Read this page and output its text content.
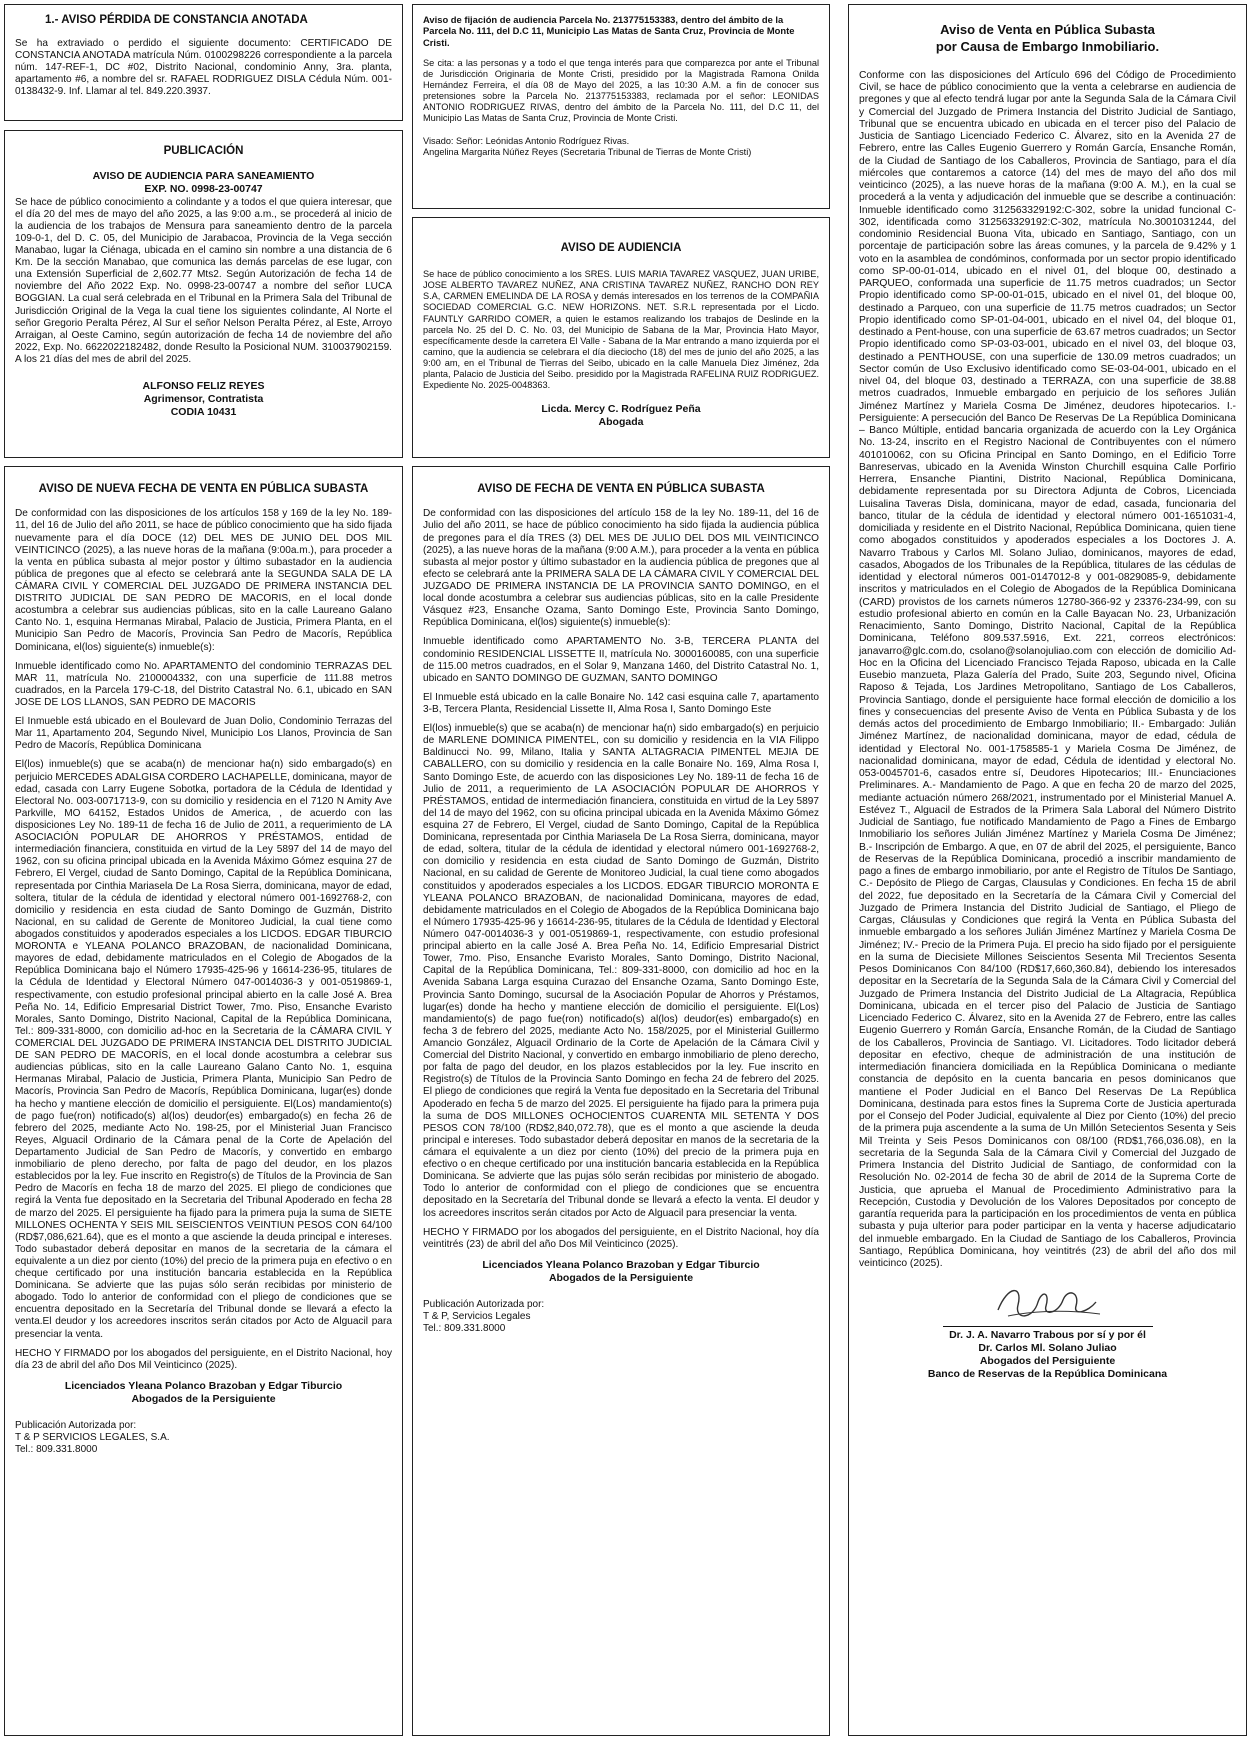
1.- AVISO PÉRDIDA DE CONSTANCIA ANOTADA
Se ha extraviado o perdido el siguiente documento: CERTIFICADO DE CONSTANCIA ANOTADA matrícula Núm. 0100298226 correspondiente a la parcela núm. 147-REF-1, DC #02, Distrito Nacional, condominio Anny, 3ra. planta, apartamento #6, a nombre del sr. RAFAEL RODRIGUEZ DISLA Cédula Núm. 001-0138432-9. Inf. Llamar al tel. 849.220.3937.
PUBLICACIÓN
AVISO DE AUDIENCIA PARA SANEAMIENTO
EXP. NO. 0998-23-00747
Se hace de público conocimiento a colindante y a todos el que quiera interesar, que el día 20 del mes de mayo del año 2025, a las 9:00 a.m., se procederá al inicio de la audiencia de los trabajos de Mensura para saneamiento dentro de la parcela 109-0-1, del D. C. 05, del Municipio de Jarabacoa, Provincia de la Vega sección Manabao, lugar la Ciénaga, ubicada en el camino sin nombre a una distancia de 6 Km. De la sección Manabao, que comunica las demás parcelas de ese lugar, con una Extensión Superficial de 2,602.77 Mts2. Según Autorización de fecha 14 de noviembre del Año 2022 Exp. No. 0998-23-00747 a nombre del señor LUCA BOGGIAN. La cual será celebrada en el Tribunal en la Primera Sala del Tribunal de Jurisdicción Original de la Vega la cual tiene los siguientes colindante, Al Norte el señor Gregorio Peralta Pérez, Al Sur el señor Nelson Peralta Pérez, al Este, Arroyo Arraigan, al Oeste Camino, según autorización de fecha 14 de noviembre del año 2022, Exp. No. 6622022182482, donde Resulto la Posicional NUM. 310037902159. A los 21 días del mes de abril del 2025.
ALFONSO FELIZ REYES
Agrimensor, Contratista
CODIA 10431
AVISO DE NUEVA FECHA DE VENTA EN PÚBLICA SUBASTA

De conformidad con las disposiciones de los artículos 158 y 169 de la ley No. 189-11, del 16 de Julio del año 2011, se hace de público conocimiento que ha sido fijada nuevamente para el día DOCE (12) DEL MES DE JUNIO DEL DOS MIL VEINTICINCO (2025), a las nueve horas de la mañana (9:00a.m.), para proceder a la venta en pública subasta al mejor postor y último subastador en la audiencia pública de pregones que al efecto se celebrará ante la SEGUNDA SALA DE LA CÁMARA CIVIL Y COMERCIAL DEL JUZGADO DE PRIMERA INSTANCIA DEL DISTRITO JUDICIAL DE SAN PEDRO DE MACORIS, en el local donde acostumbra a celebrar sus audiencias públicas, sito en la calle Laureano Galano Canto No. 1, esquina Hermanas Mirabal, Palacio de Justicia, Primera Planta, en el Municipio San Pedro de Macorís, Provincia San Pedro de Macorís, República Dominicana, el(los) siguiente(s) inmueble(s):

Inmueble identificado como No. APARTAMENTO del condominio TERRAZAS DEL MAR 11, matrícula No. 2100004332, con una superficie de 111.88 metros cuadrados, en la Parcela 179-C-18, del Distrito Catastral No. 6.1, ubicado en SAN JOSE DE LOS LLANOS, SAN PEDRO DE MACORIS

El Inmueble está ubicado en el Boulevard de Juan Dolio, Condominio Terrazas del Mar 11, Apartamento 204, Segundo Nivel, Municipio Los Llanos, Provincia de San Pedro de Macorís, República Dominicana

El(los) inmueble(s) que se acaba(n) de mencionar ha(n) sido embargado(s) en perjuicio MERCEDES ADALGISA CORDERO LACHAPELLE, dominicana, mayor de edad, casada con Larry Eugene Sobotka, portadora de la Cédula de Identidad y Electoral No. 003-0071713-9, con su domicilio y residencia en el 7120 N Amity Ave Parkville, MO 64152, Estados Unidos de America, , de acuerdo con las disposiciones Ley No. 189-11 de fecha 16 de Julio de 2011, a requerimiento de LA ASOCIACIÓN POPULAR DE AHORROS Y PRÉSTAMOS, entidad de intermediación financiera, constituida en virtud de la Ley 5897 del 14 de mayo del 1962, con su oficina principal ubicada en la Avenida Máximo Gómez esquina 27 de Febrero, El Vergel, ciudad de Santo Domingo, Capital de la República Dominicana, representada por Cinthia Mariasela De La Rosa Sierra, dominicana, mayor de edad, soltera, titular de la cédula de identidad y electoral número 001-1692768-2, con domicilio y residencia en esta ciudad de Santo Domingo de Guzmán, Distrito Nacional, en su calidad de Gerente de Monitoreo Judicial, la cual tiene como abogados constituidos y apoderados especiales a los LICDOS. EDGAR TIBURCIO MORONTA e YLEANA POLANCO BRAZOBAN, de nacionalidad Dominicana, mayores de edad, debidamente matriculados en el Colegio de Abogados de la República Dominicana bajo el Número 17935-425-96 y 16614-236-95, titulares de la Cédula de Identidad y Electoral Número 047-0014036-3 y 001-0519869-1, respectivamente, con estudio profesional principal abierto en la calle José A. Brea Peña No. 14, Edificio Empresarial District Tower, 7mo. Piso, Ensanche Evaristo Morales, Santo Domingo, Distrito Nacional, Capital de la República Dominicana, Tel.: 809-331-8000, con domicilio ad-hoc en la Secretaria de la CÁMARA CIVIL Y COMERCIAL DEL JUZGADO DE PRIMERA INSTANCIA DEL DISTRITO JUDICIAL DE SAN PEDRO DE MACORÍS, en el local donde acostumbra a celebrar sus audiencias públicas, sito en la calle Laureano Galano Canto No. 1, esquina Hermanas Mirabal, Palacio de Justicia, Primera Planta, Municipio San Pedro de Macorís, Provincia San Pedro de Macorís, República Dominicana, lugar(es) donde ha hecho y mantiene elección de domicilio el persiguiente. El(Los) mandamiento(s) de pago fue(ron) notificado(s) al(los) deudor(es) embargado(s) en fecha 26 de febrero del 2025, mediante Acto No. 198-25, por el Ministerial Juan Francisco Reyes, Alguacil Ordinario de la Cámara penal de la Corte de Apelación del Departamento Judicial de San Pedro de Macorís, y convertido en embargo inmobiliario de pleno derecho, por falta de pago del deudor, en los plazos establecidos por la ley. Fue inscrito en Registro(s) de Títulos de la Provincia de San Pedro de Macorís en fecha 18 de marzo del 2025. El pliego de condiciones que regirá la Venta fue depositado en la Secretaria del Tribunal Apoderado en fecha 28 de marzo del 2025. El persiguiente ha fijado para la primera puja la suma de SIETE MILLONES OCHENTA Y SEIS MIL SEISCIENTOS VEINTIUN PESOS CON 64/100 (RD$7,086,621.64), que es el monto a que asciende la deuda principal e intereses. Todo subastador deberá depositar en manos de la secretaria de la cámara el equivalente a un diez por ciento (10%) del precio de la primera puja en efectivo o en cheque certificado por una institución bancaria establecida en la República Dominicana. Se advierte que las pujas sólo serán recibidas por ministerio de abogado. Todo lo anterior de conformidad con el pliego de condiciones que se encuentra depositado en la Secretaría del Tribunal donde se llevará a efecto la venta.El deudor y los acreedores inscritos serán citados por Acto de Alguacil para presenciar la venta.

HECHO Y FIRMADO por los abogados del persiguiente, en el Distrito Nacional, hoy día 23 de abril del año Dos Mil Veinticinco (2025).

Licenciados Yleana Polanco Brazoban y Edgar Tiburcio
Abogados de la Persiguiente
Publicación Autorizada por:
T & P SERVICIOS LEGALES, S.A.
Tel.: 809.331.8000
Aviso de fijación de audiencia Parcela No. 213775153383, dentro del ámbito de la Parcela No. 111, del D.C 11, Municipio Las Matas de Santa Cruz, Provincia de Monte Cristi.
Se cita: a las personas y a todo el que tenga interés para que comparezca por ante el Tribunal de Jurisdicción Originaria de Monte Cristi, presidido por la Magistrada Ramona Onilda Hernández Ferreira, el día 08 de Mayo del 2025, a las 10:30 A.M. a fin de conocer sus pretensiones sobre la Parcela No. 213775153383, reclamada por el señor: LEONIDAS ANTONIO RODRIGUEZ RIVAS, dentro del ámbito de la Parcela No. 111, del D.C 11, del Municipio Las Matas de Santa Cruz, Provincia de Monte Cristi.
Visado: Señor: Leónidas Antonio Rodríguez Rivas.
Angelina Margarita Núñez Reyes (Secretaria Tribunal de Tierras de Monte Cristi)
AVISO DE AUDIENCIA
Se hace de público conocimiento a los SRES. LUIS MARIA TAVAREZ VASQUEZ, JUAN URIBE, JOSE ALBERTO TAVAREZ NUÑEZ, ANA CRISTINA TAVAREZ NUÑEZ, RANCHO DON REY S.A, CARMEN EMELINDA DE LA ROSA y demás interesados en los terrenos de la COMPAÑIA SOCIEDAD COMERCIAL G.C. NEW HORIZONS. NET. S.R.L representada por el Licdo. FAUNTLY GARRIDO COMER, a quien le estamos realizando los trabajos de Deslinde en la parcela No. 25 del D. C. No. 03, del Municipio de Sabana de la Mar, Provincia Hato Mayor, específicamente desde la carretera El Valle - Sabana de la Mar entrando a mano izquierda por el camino, que la audiencia se celebrara el día dieciocho (18) del mes de junio del año 2025, a las 9:00 am, en el Tribunal de Tierras del Seibo, ubicado en la calle Manuela Diez Jiménez, 2da planta, Palacio de Justicia del Seibo. presidido por la Magistrada RAFELINA RUIZ RODRIGUEZ. Expediente No. 2025-0048363.
Licda. Mercy C. Rodríguez Peña
Abogada
AVISO DE FECHA DE VENTA EN PÚBLICA SUBASTA

De conformidad con las disposiciones del artículo 158 de la ley No. 189-11, del 16 de Julio del año 2011, se hace de público conocimiento ha sido fijada la audiencia pública de pregones para el día TRES (3) DEL MES DE JULIO DEL DOS MIL VEINTICINCO (2025), a las nueve horas de la mañana (9:00 A.M.), para proceder a la venta en pública subasta al mejor postor y último subastador en la audiencia pública de pregones que al efecto se celebrará ante la PRIMERA SALA DE LA CÁMARA CIVIL Y COMERCIAL DEL JUZGADO DE PRIMERA INSTANCIA DE LA PROVINCIA SANTO DOMINGO, en el local donde acostumbra a celebrar sus audiencias públicas, sito en la calle Presidente Vásquez #23, Ensanche Ozama, Santo Domingo Este, Provincia Santo Domingo, República Dominicana, el(los) siguiente(s) inmueble(s):

Inmueble identificado como APARTAMENTO No. 3-B, TERCERA PLANTA del condominio RESIDENCIAL LISSETTE II, matrícula No. 3000160085, con una superficie de 115.00 metros cuadrados, en el Solar 9, Manzana 1460, del Distrito Catastral No. 1, ubicado en SANTO DOMINGO DE GUZMAN, SANTO DOMINGO

El Inmueble está ubicado en la calle Bonaire No. 142 casi esquina calle 7, apartamento 3-B, Tercera Planta, Residencial Lissette II, Alma Rosa I, Santo Domingo Este

El(los) inmueble(s) que se acaba(n) de mencionar ha(n) sido embargado(s) en perjuicio de MARLENE DOMINICA PIMENTEL, con su domicilio y residencia en la VIA Filippo Baldinucci No. 99, Milano, Italia y SANTA ALTAGRACIA PIMENTEL MEJIA DE CABALLERO, con su domicilio y residencia en la calle Bonaire No. 169, Alma Rosa I, Santo Domingo Este, de acuerdo con las disposiciones Ley No. 189-11 de fecha 16 de Julio de 2011, a requerimiento de LA ASOCIACIÓN POPULAR DE AHORROS Y PRÉSTAMOS, entidad de intermediación financiera, constituida en virtud de la Ley 5897 del 14 de mayo del 1962, con su oficina principal ubicada en la Avenida Máximo Gómez esquina 27 de Febrero, El Vergel, ciudad de Santo Domingo, Capital de la República Dominicana, representada por Cinthia Mariasela De La Rosa Sierra, dominicana, mayor de edad, soltera, titular de la cédula de identidad y electoral número 001-1692768-2, con domicilio y residencia en esta ciudad de Santo Domingo de Guzmán, Distrito Nacional, en su calidad de Gerente de Monitoreo Judicial, la cual tiene como abogados constituidos y apoderados especiales a los LICDOS. EDGAR TIBURCIO MORONTA E YLEANA POLANCO BRAZOBAN, de nacionalidad Dominicana, mayores de edad, debidamente matriculados en el Colegio de Abogados de la República Dominicana bajo el Número 17935-425-96 y 16614-236-95, titulares de la Cédula de Identidad y Electoral Número 047-0014036-3 y 001-0519869-1, respectivamente, con estudio profesional principal abierto en la calle José A. Brea Peña No. 14, Edificio Empresarial District Tower, 7mo. Piso, Ensanche Evaristo Morales, Santo Domingo, Distrito Nacional, Capital de la República Dominicana, Tel.: 809-331-8000, con domicilio ad hoc en la Avenida Sabana Larga esquina Curazao del Ensanche Ozama, Santo Domingo Este, Provincia Santo Domingo, sucursal de la Asociación Popular de Ahorros y Préstamos, lugar(es) donde ha hecho y mantiene elección de domicilio el persiguiente. El(Los) mandamiento(s) de pago fue(ron) notificado(s) al(los) deudor(es) embargado(s) en fecha 3 de febrero del 2025, mediante Acto No. 158/2025, por el Ministerial Guillermo Amancio González, Alguacil Ordinario de la Corte de Apelación de la Cámara Civil y Comercial del Distrito Nacional, y convertido en embargo inmobiliario de pleno derecho, por falta de pago del deudor, en los plazos establecidos por la ley. Fue inscrito en Registro(s) de Títulos de la Provincia Santo Domingo en fecha 24 de febrero del 2025. El pliego de condiciones que regirá la Venta fue depositado en la Secretaria del Tribunal Apoderado en fecha 5 de marzo del 2025. El persiguiente ha fijado para la primera puja la suma de DOS MILLONES OCHOCIENTOS CUARENTA MIL SETENTA Y DOS PESOS CON 78/100 (RD$2,840,072.78), que es el monto a que asciende la deuda principal e intereses. Todo subastador deberá depositar en manos de la secretaria de la cámara el equivalente a un diez por ciento (10%) del precio de la primera puja en efectivo o en cheque certificado por una institución bancaria establecida en la República Dominicana. Se advierte que las pujas sólo serán recibidas por ministerio de abogado. Todo lo anterior de conformidad con el pliego de condiciones que se encuentra depositado en la Secretaría del Tribunal donde se llevará a efecto la venta. El deudor y los acreedores inscritos serán citados por Acto de Alguacil para presenciar la venta.

HECHO Y FIRMADO por los abogados del persiguiente, en el Distrito Nacional, hoy día veintitrés (23) de abril del año Dos Mil Veinticinco (2025).

Licenciados Yleana Polanco Brazoban y Edgar Tiburcio
Abogados de la Persiguiente
Publicación Autorizada por:
T & P, Servicios Legales
Tel.: 809.331.8000
Aviso de Venta en Pública Subasta
por Causa de Embargo Inmobiliario.
Conforme con las disposiciones del Artículo 696 del Código de Procedimiento Civil, se hace de público conocimiento que la venta a celebrarse en audiencia de pregones y que al efecto tendrá lugar por ante la Segunda Sala de la Cámara Civil y Comercial del Juzgado de Primera Instancia del Distrito Judicial de Santiago, Tribunal que se encuentra ubicado en ubicada en el tercer piso del Palacio de Justicia de Santiago Licenciado Federico C. Álvarez, sito en la Avenida 27 de Febrero, entre las Calles Eugenio Guerrero y Román García, Ensanche Román, de la Ciudad de Santiago de los Caballeros, Provincia de Santiago, para el día miércoles que contaremos a catorce (14) del mes de mayo del año dos mil veinticinco (2025), a las nueve horas de la mañana (9:00 A. M.), en la cual se procederá a la venta y adjudicación del inmueble que se describe a continuación: Inmueble identificado como 312563329192:C-302, sobre la unidad funcional C-302, identificada como 312563329192:C-302, matrícula No.3001031244, del condominio Residencial Buona Vita, ubicado en Santiago, Santiago, con un porcentaje de participación sobre las áreas comunes, y la parcela de 9.42% y 1 voto en la asamblea de condóminos, conformada por un sector propio identificado como SP-00-01-014, ubicado en el nivel 01, del bloque 00, destinado a PARQUEO, conformada una superficie de 11.75 metros cuadrados; un Sector Propio identificado como SP-00-01-015, ubicado en el nivel 01, del bloque 00, destinado a Parqueo, con una superficie de 11.75 metros cuadrados; un Sector Propio identificado como SP-01-04-001, ubicado en el nivel 04, del bloque 01, destinado a Pent-house, con una superficie de 63.67 metros cuadrados; un Sector Propio identificado como SP-03-03-001, ubicado en el nivel 03, del bloque 03, destinado a PENTHOUSE, con una superficie de 130.09 metros cuadrados; un Sector común de Uso Exclusivo identificado como SE-03-04-001, ubicado en el nivel 04, del bloque 03, destinado a TERRAZA, con una superficie de 38.88 metros cuadrados, Inmueble embargado en perjuicio de los señores Julián Jiménez Martínez y Mariela Cosma De Jiménez, deudores hipotecarios. I.- Persiguiente: A persecución del Banco De Reservas De La República Dominicana – Banco Múltiple, entidad bancaria organizada de acuerdo con la Ley Orgánica No. 13-24, inscrito en el Registro Nacional de Contribuyentes con el número 401010062, con su Oficina Principal en Santo Domingo, en el Edificio Torre Banreservas, ubicado en la Avenida Winston Churchill esquina Calle Porfirio Herrera, Ensanche Piantini, Distrito Nacional, República Dominicana, debidamente representada por su Directora Adjunta de Cobros, Licenciada Luisalina Taveras Disla, dominicana, mayor de edad, casada, funcionaria del banco, titular de la cédula de identidad y electoral número 001-1651031-4, domiciliada y residente en el Distrito Nacional, República Dominicana, quien tiene como abogados constituidos y apoderados especiales a los Doctores J. A. Navarro Trabous y Carlos Ml. Solano Juliao, dominicanos, mayores de edad, casados, Abogados de los Tribunales de la República, titulares de las cédulas de identidad y electoral números 001-0147012-8 y 001-0829085-9, debidamente inscritos y matriculados en el Colegio de Abogados de la República Dominicana (CARD) provistos de los carnets números 12780-366-92 y 23376-234-99, con su estudio profesional abierto en común en la Calle Bayacan No. 23, Urbanización Renacimiento, Santo Domingo, Distrito Nacional, Capital de la República Dominicana, Teléfono 809.537.5916, Ext. 221, correos electrónicos: janavarro@glc.com.do, csolano@solanojuliao.com con elección de domicilio Ad-Hoc en la Oficina del Licenciado Francisco Tejada Raposo, ubicada en la Calle Eusebio manzueta, Plaza Galería del Prado, Suite 203, Segundo nivel, Oficina Raposo & Tejada, Los Jardines Metropolitano, Santiago de Los Caballeros, Provincia Santiago, donde el persiguiente hace formal elección de domicilio a los fines y consecuencias del presente Aviso de Venta en Pública Subasta y de los demás actos del procedimiento de Embargo Inmobiliario; II.- Embargado: Julián Jiménez Martínez, de nacionalidad dominicana, mayor de edad, cédula de identidad y Electoral No. 001-1758585-1 y Mariela Cosma De Jiménez, de nacionalidad dominicana, mayor de edad, Cédula de identidad y electoral No. 053-0045701-6, casados entre sí, Deudores Hipotecarios; III.- Enunciaciones Preliminares. A.- Mandamiento de Pago. A que en fecha 20 de marzo del 2025, mediante actuación número 268/2021, instrumentado por el Ministerial Manuel A. Estévez T., Alguacil de Estrados de la Primera Sala Laboral del Número Distrito Judicial de Santiago, fue notificado Mandamiento de Pago a Fines de Embargo Inmobiliario los señores Julián Jiménez Martínez y Mariela Cosma De Jiménez; B.- Inscripción de Embargo. A que, en 07 de abril del 2025, el persiguiente, Banco de Reservas de la República Dominicana, procedió a inscribir mandamiento de pago a fines de embargo inmobiliario, por ante el Registro de Títulos De Santiago, C.- Depósito de Pliego de Cargas, Clausulas y Condiciones. En fecha 15 de abril del 2022, fue depositado en la Secretaría de la Cámara Civil y Comercial del Juzgado de Primera Instancia del Distrito Judicial de Santiago, el Pliego de Cargas, Cláusulas y Condiciones que regirá la Venta en Pública Subasta del inmueble embargado a los señores Julián Jiménez Martínez y Mariela Cosma De Jiménez; IV.- Precio de la Primera Puja. El precio ha sido fijado por el persiguiente en la suma de Diecisiete Millones Seiscientos Sesenta Mil Trecientos Sesenta Pesos Dominicanos Con 84/100 (RD$17,660,360.84), debiendo los interesados depositar en la Secretaría de la Segunda Sala de la Cámara Civil y Comercial del Juzgado de Primera Instancia del Distrito Judicial de La Altagracia, República Dominicana, ubicada en el tercer piso del Palacio de Justicia de Santiago Licenciado Federico C. Álvarez, sito en la Avenida 27 de Febrero, entre las calles Eugenio Guerrero y Román García, Ensanche Román, de la Ciudad de Santiago de los Caballeros, Provincia de Santiago. VI. Licitadores. Todo licitador deberá depositar en efectivo, cheque de administración de una institución de intermediación financiera domiciliada en la República Dominicana o mediante constancia de depósito en la cuenta bancaria en pesos dominicanos que mantiene el Poder Judicial en el Banco Del Reservas De La República Dominicana, destinada para estos fines la Suprema Corte de Justicia aperturada por el Consejo del Poder Judicial, equivalente al Diez por Ciento (10%) del precio de la primera puja ascendente a la suma de Un Millón Setecientos Sesenta y Seis Mil Treinta y Seis Pesos Dominicanos con 08/100 (RD$1,766,036.08), en la secretaria de la Segunda Sala de la Cámara Civil y Comercial del Juzgado de Primera Instancia del Distrito Judicial de Santiago, de conformidad con la Resolución No. 02-2014 de fecha 30 de abril de 2014 de la Suprema Corte de Justicia, que aprueba el Manual de Procedimiento Administrativo para la Recepción, Custodia y Devolución de los Valores Depositados por concepto de garantía requerida para la participación en los procedimientos de venta en pública subasta y puja ulterior para poder participar en la venta y hacerse adjudicatario del inmueble embargado. En la Ciudad de Santiago de los Caballeros, Provincia Santiago, República Dominicana, hoy veintitrés (23) de abril del año dos mil veinticinco (2025).
Dr. J. A. Navarro Trabous por sí y por él
Dr. Carlos Ml. Solano Juliao
Abogados del Persiguiente
Banco de Reservas de la República Dominicana
